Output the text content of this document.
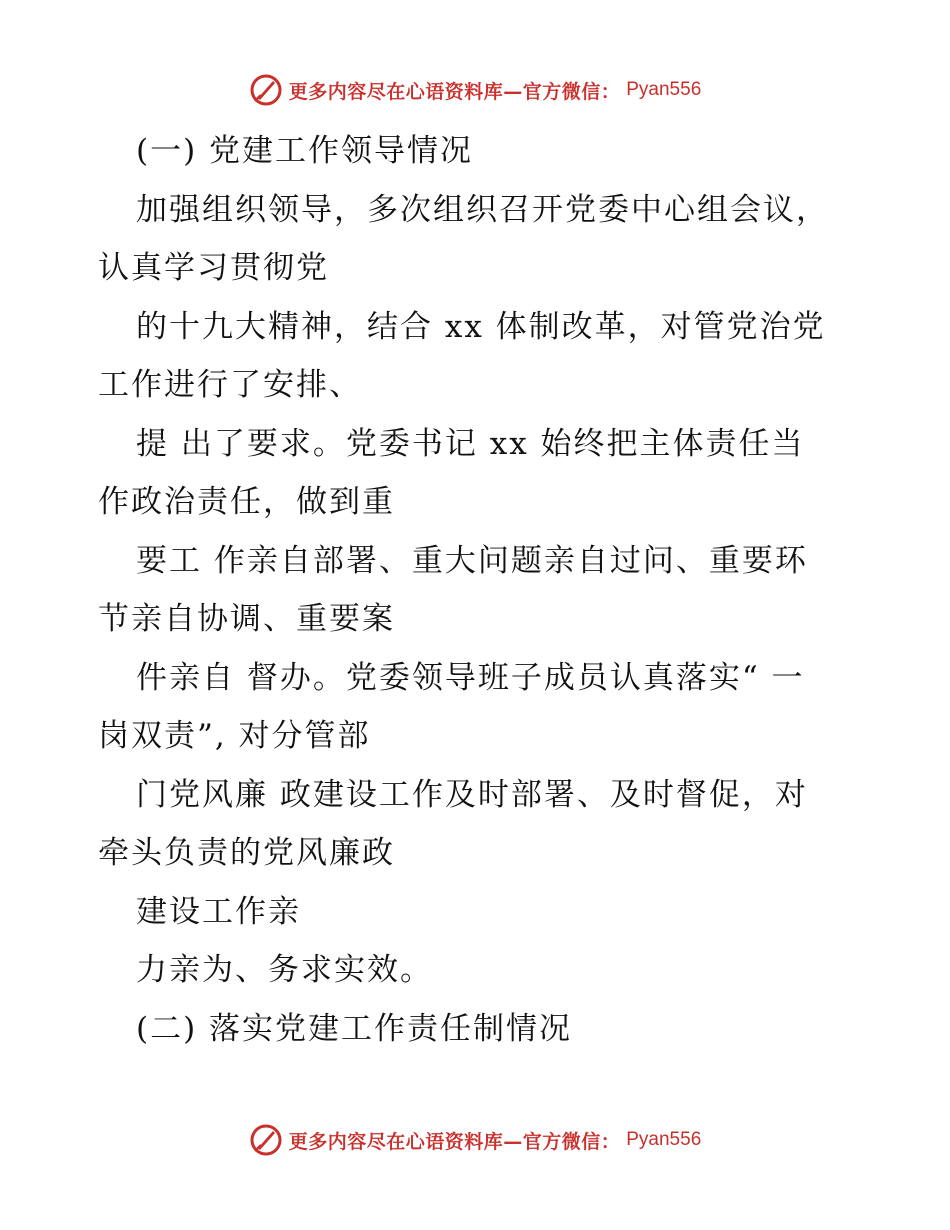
更多内容尽在心语资料库—官方微信： Pyan556
(一) 党建工作领导情况
加强组织领导，多次组织召开党委中心组会议，
认真学习贯彻党
的十九大精神，结合 xx 体制改革，对管党治党
工作进行了安排、
提 出了要求。党委书记 xx 始终把主体责任当
作政治责任，做到重
要工 作亲自部署、重大问题亲自过问、重要环
节亲自协调、重要案
件亲自 督办。党委领导班子成员认真落实“ 一
岗双责”, 对分管部
门党风廉 政建设工作及时部署、及时督促，对
牵头负责的党风廉政
建设工作亲
力亲为、务求实效。
(二) 落实党建工作责任制情况
更多内容尽在心语资料库—官方微信： Pyan556
